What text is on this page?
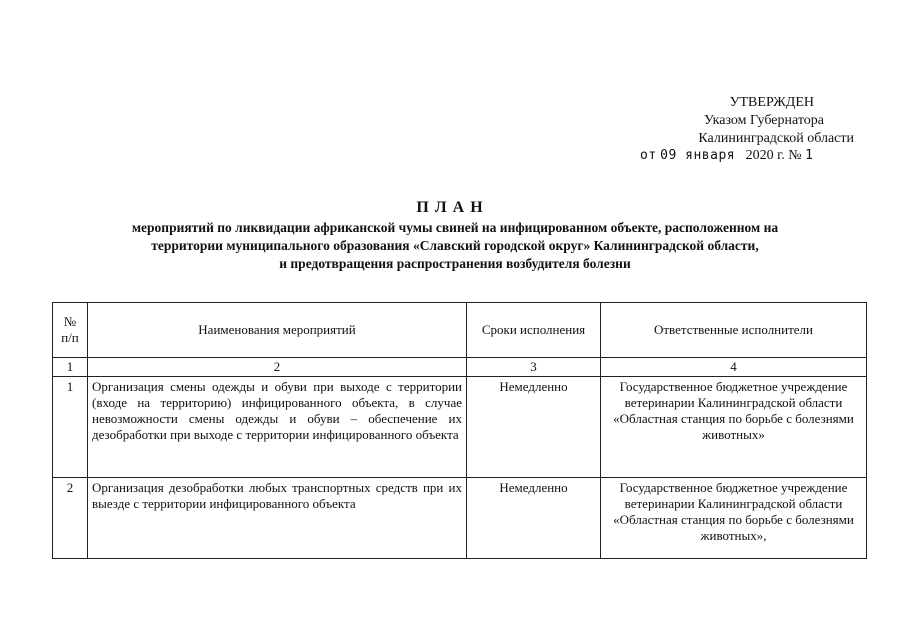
УТВЕРЖДЕН
Указом Губернатора
Калининградской области
от 09 января 2020 г. № 1
ПЛАН
мероприятий по ликвидации африканской чумы свиней на инфицированном объекте, расположенном на
территории муниципального образования «Славский городской округ» Калининградской области,
и предотвращения распространения возбудителя болезни
№ п/п	Наименования мероприятий	Сроки исполнения	Ответственные исполнители
1	2	3	4
1	Организация смены одежды и обуви при выходе с территории (входе на территорию) инфицированного объекта, в случае невозможности смены одежды и обуви – обеспечение их дезобработки при выходе с территории инфицированного объекта	Немедленно	Государственное бюджетное учреждение ветеринарии Калининградской области «Областная станция по борьбе с болезнями животных»
2	Организация дезобработки любых транспортных средств при их выезде с территории инфицированного объекта	Немедленно	Государственное бюджетное учреждение ветеринарии Калининградской области «Областная станция по борьбе с болезнями животных»,
